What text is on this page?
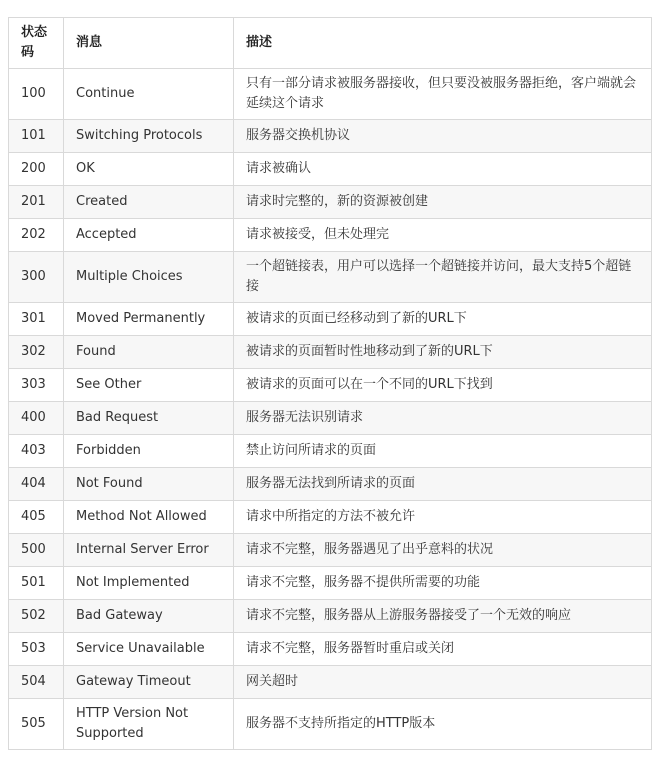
状态码	消息	描述
100	Continue	只有一部分请求被服务器接收，但只要没被服务器拒绝，客户端就会延续这个请求
101	Switching Protocols	服务器交换机协议
200	OK	请求被确认
201	Created	请求时完整的，新的资源被创建
202	Accepted	请求被接受，但未处理完
300	Multiple Choices	一个超链接表，用户可以选择一个超链接并访问，最大支持5个超链接
301	Moved Permanently	被请求的页面已经移动到了新的URL下
302	Found	被请求的页面暂时性地移动到了新的URL下
303	See Other	被请求的页面可以在一个不同的URL下找到
400	Bad Request	服务器无法识别请求
403	Forbidden	禁止访问所请求的页面
404	Not Found	服务器无法找到所请求的页面
405	Method Not Allowed	请求中所指定的方法不被允许
500	Internal Server Error	请求不完整，服务器遇见了出乎意料的状况
501	Not Implemented	请求不完整，服务器不提供所需要的功能
502	Bad Gateway	请求不完整，服务器从上游服务器接受了一个无效的响应
503	Service Unavailable	请求不完整，服务器暂时重启或关闭
504	Gateway Timeout	网关超时
505	HTTP Version Not Supported	服务器不支持所指定的HTTP版本
